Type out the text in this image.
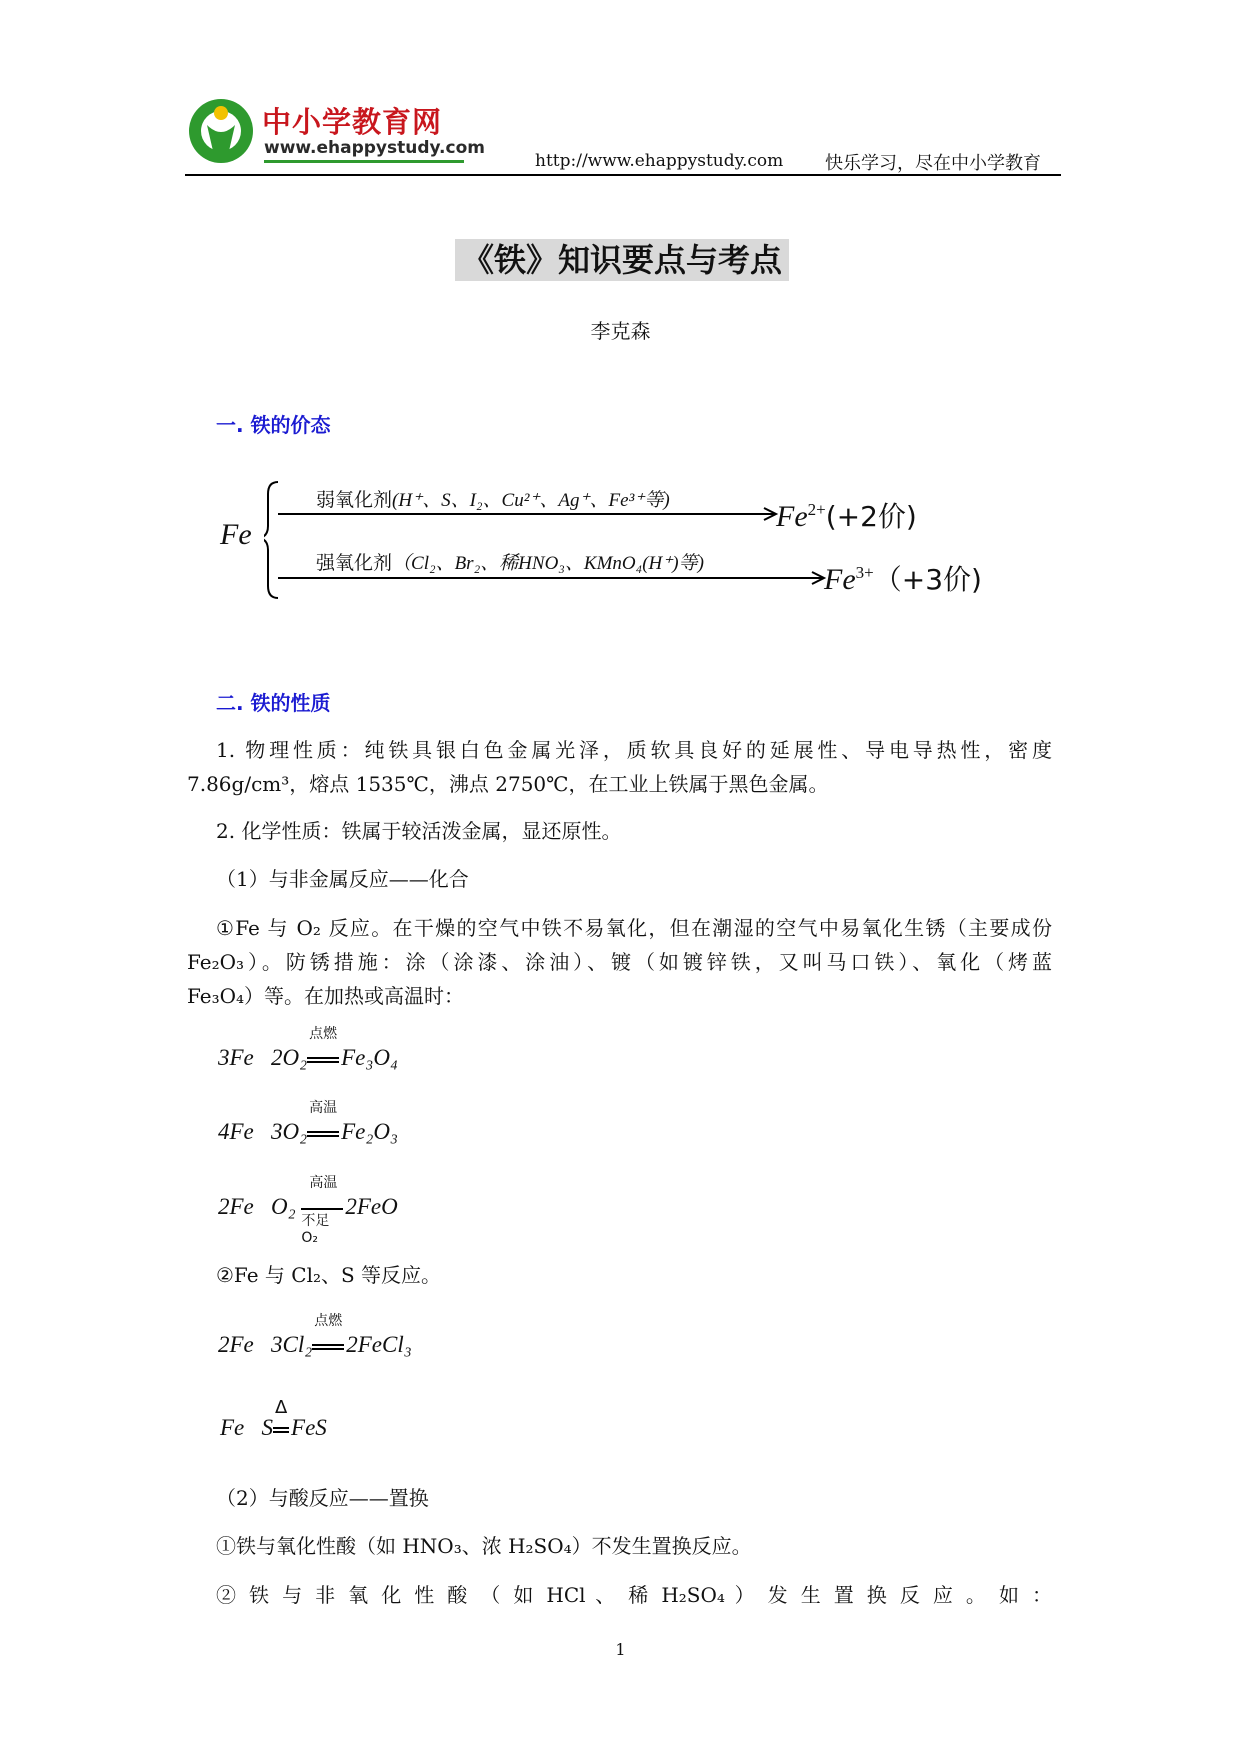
中小学教育网
www.ehappystudy.com
http://www.ehappystudy.com 快乐学习，尽在中小学教育
《铁》知识要点与考点
李克森
一. 铁的价态
Fe
弱氧化剂(H⁺、S、I₂、Cu²⁺、Ag⁺、Fe³⁺等)	$Fe^{2+}(+2$价)
强氧化剂（Cl₂、Br₂、稀HNO₃、KMnO₄(H⁺)等)	$Fe^{3+}(+3$价)
二. 铁的性质
1. 物理性质：纯铁具银白色金属光泽，质软具良好的延展性、导电导热性，密度
7.86g/cm³，熔点 1535℃，沸点 2750℃，在工业上铁属于黑色金属。
2. 化学性质：铁属于较活泼金属，显还原性。
（1）与非金属反应——化合
①Fe 与 O₂ 反应。在干燥的空气中铁不易氧化，但在潮湿的空气中易氧化生锈（主要成份
Fe₂O₃）。防锈措施：涂（涂漆、涂油）、镀（如镀锌铁，又叫马口铁）、氧化（烤蓝
Fe₃O₄）等。在加热或高温时：
3Fe 2O₂
点燃
Fe₃O₄
4Fe 3O₂
高温
Fe₂O₃
2Fe O₂
高温
不足O₂
2FeO
②Fe 与 Cl₂、S 等反应。
2Fe 3Cl₂
点燃
2FeCl₃
Fe S
Δ
FeS
（2）与酸反应——置换
①铁与氧化性酸（如 HNO₃、浓 H₂SO₄）不发生置换反应。
② 铁 与 非 氧 化 性 酸 （ 如 HCl 、 稀 H₂SO₄ ） 发 生 置 换 反 应 。 如 ：
1
